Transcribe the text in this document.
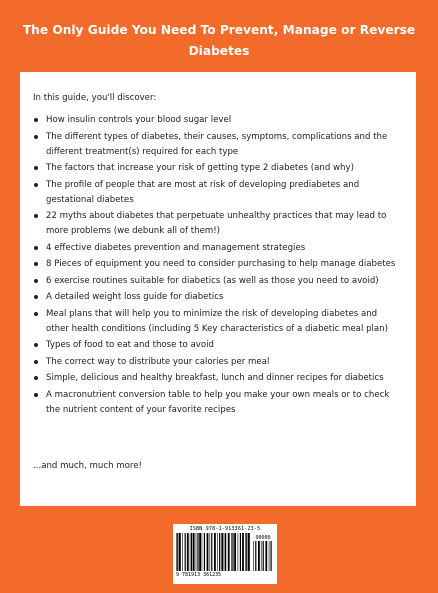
The Only Guide You Need To Prevent, Manage or Reverse
Diabetes

In this guide, you'll discover:

How insulin controls your blood sugar level
The different types of diabetes, their causes, symptoms, complications and the different treatment(s) required for each type
The factors that increase your risk of getting type 2 diabetes (and why)
The profile of people that are most at risk of developing prediabetes and gestational diabetes
22 myths about diabetes that perpetuate unhealthy practices that may lead to more problems (we debunk all of them!)
4 effective diabetes prevention and management strategies
8 Pieces of equipment you need to consider purchasing to help manage diabetes
6 exercise routines suitable for diabetics (as well as those you need to avoid)
A detailed weight loss guide for diabetics
Meal plans that will help you to minimize the risk of developing diabetes and other health conditions (including 5 Key characteristics of a diabetic meal plan)
Types of food to eat and those to avoid
The correct way to distribute your calories per meal
Simple, delicious and healthy breakfast, lunch and dinner recipes for diabetics
A macronutrient conversion table to help you make your own meals or to check the nutrient content of your favorite recipes

...and much, much more!

ISBN 978-1-913361-23-5
90000
9 781913 361235
